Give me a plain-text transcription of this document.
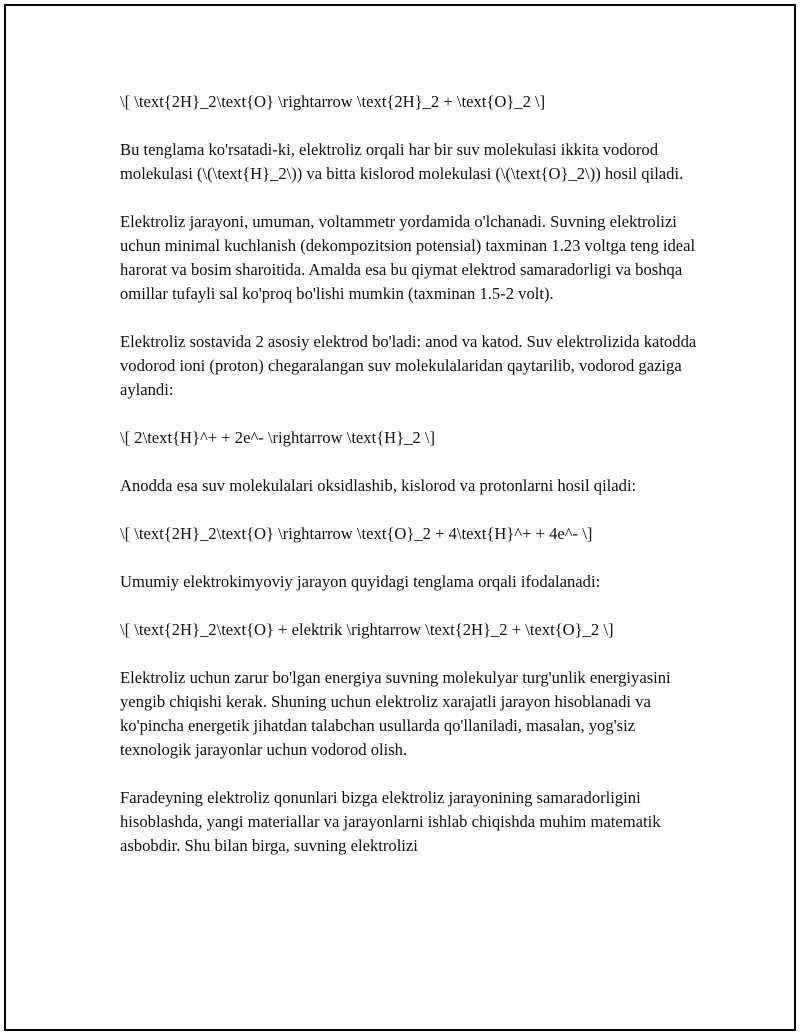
\[ \text{2H}_2\text{O} \rightarrow \text{2H}_2 + \text{O}_2 \]

Bu tenglama ko'rsatadi-ki, elektroliz orqali har bir suv molekulasi ikkita vodorod molekulasi (\(\text{H}_2\)) va bitta kislorod molekulasi (\(\text{O}_2\)) hosil qiladi.

Elektroliz jarayoni, umuman, voltammetr yordamida o'lchanadi. Suvning elektrolizi uchun minimal kuchlanish (dekompozitsion potensial) taxminan 1.23 voltga teng ideal harorat va bosim sharoitida. Amalda esa bu qiymat elektrod samaradorligi va boshqa omillar tufayli sal ko'proq bo'lishi mumkin (taxminan 1.5-2 volt).

Elektroliz sostavida 2 asosiy elektrod bo'ladi: anod va katod. Suv elektrolizida katodda vodorod ioni (proton) chegaralangan suv molekulalaridan qaytarilib, vodorod gaziga aylandi:

\[ 2\text{H}^+ + 2e^- \rightarrow \text{H}_2 \]

Anodda esa suv molekulalari oksidlashib, kislorod va protonlarni hosil qiladi:

\[ \text{2H}_2\text{O} \rightarrow \text{O}_2 + 4\text{H}^+ + 4e^- \]

Umumiy elektrokimyoviy jarayon quyidagi tenglama orqali ifodalanadi:

\[ \text{2H}_2\text{O} + elektrik \rightarrow \text{2H}_2 + \text{O}_2 \]

Elektroliz uchun zarur bo'lgan energiya suvning molekulyar turg'unlik energiyasini yengib chiqishi kerak. Shuning uchun elektroliz xarajatli jarayon hisoblanadi va ko'pincha energetik jihatdan talabchan usullarda qo'llaniladi, masalan, yog'siz texnologik jarayonlar uchun vodorod olish.

Faradeyning elektroliz qonunlari bizga elektroliz jarayonining samaradorligini hisoblashda, yangi materiallar va jarayonlarni ishlab chiqishda muhim matematik asbobdir. Shu bilan birga, suvning elektrolizi
